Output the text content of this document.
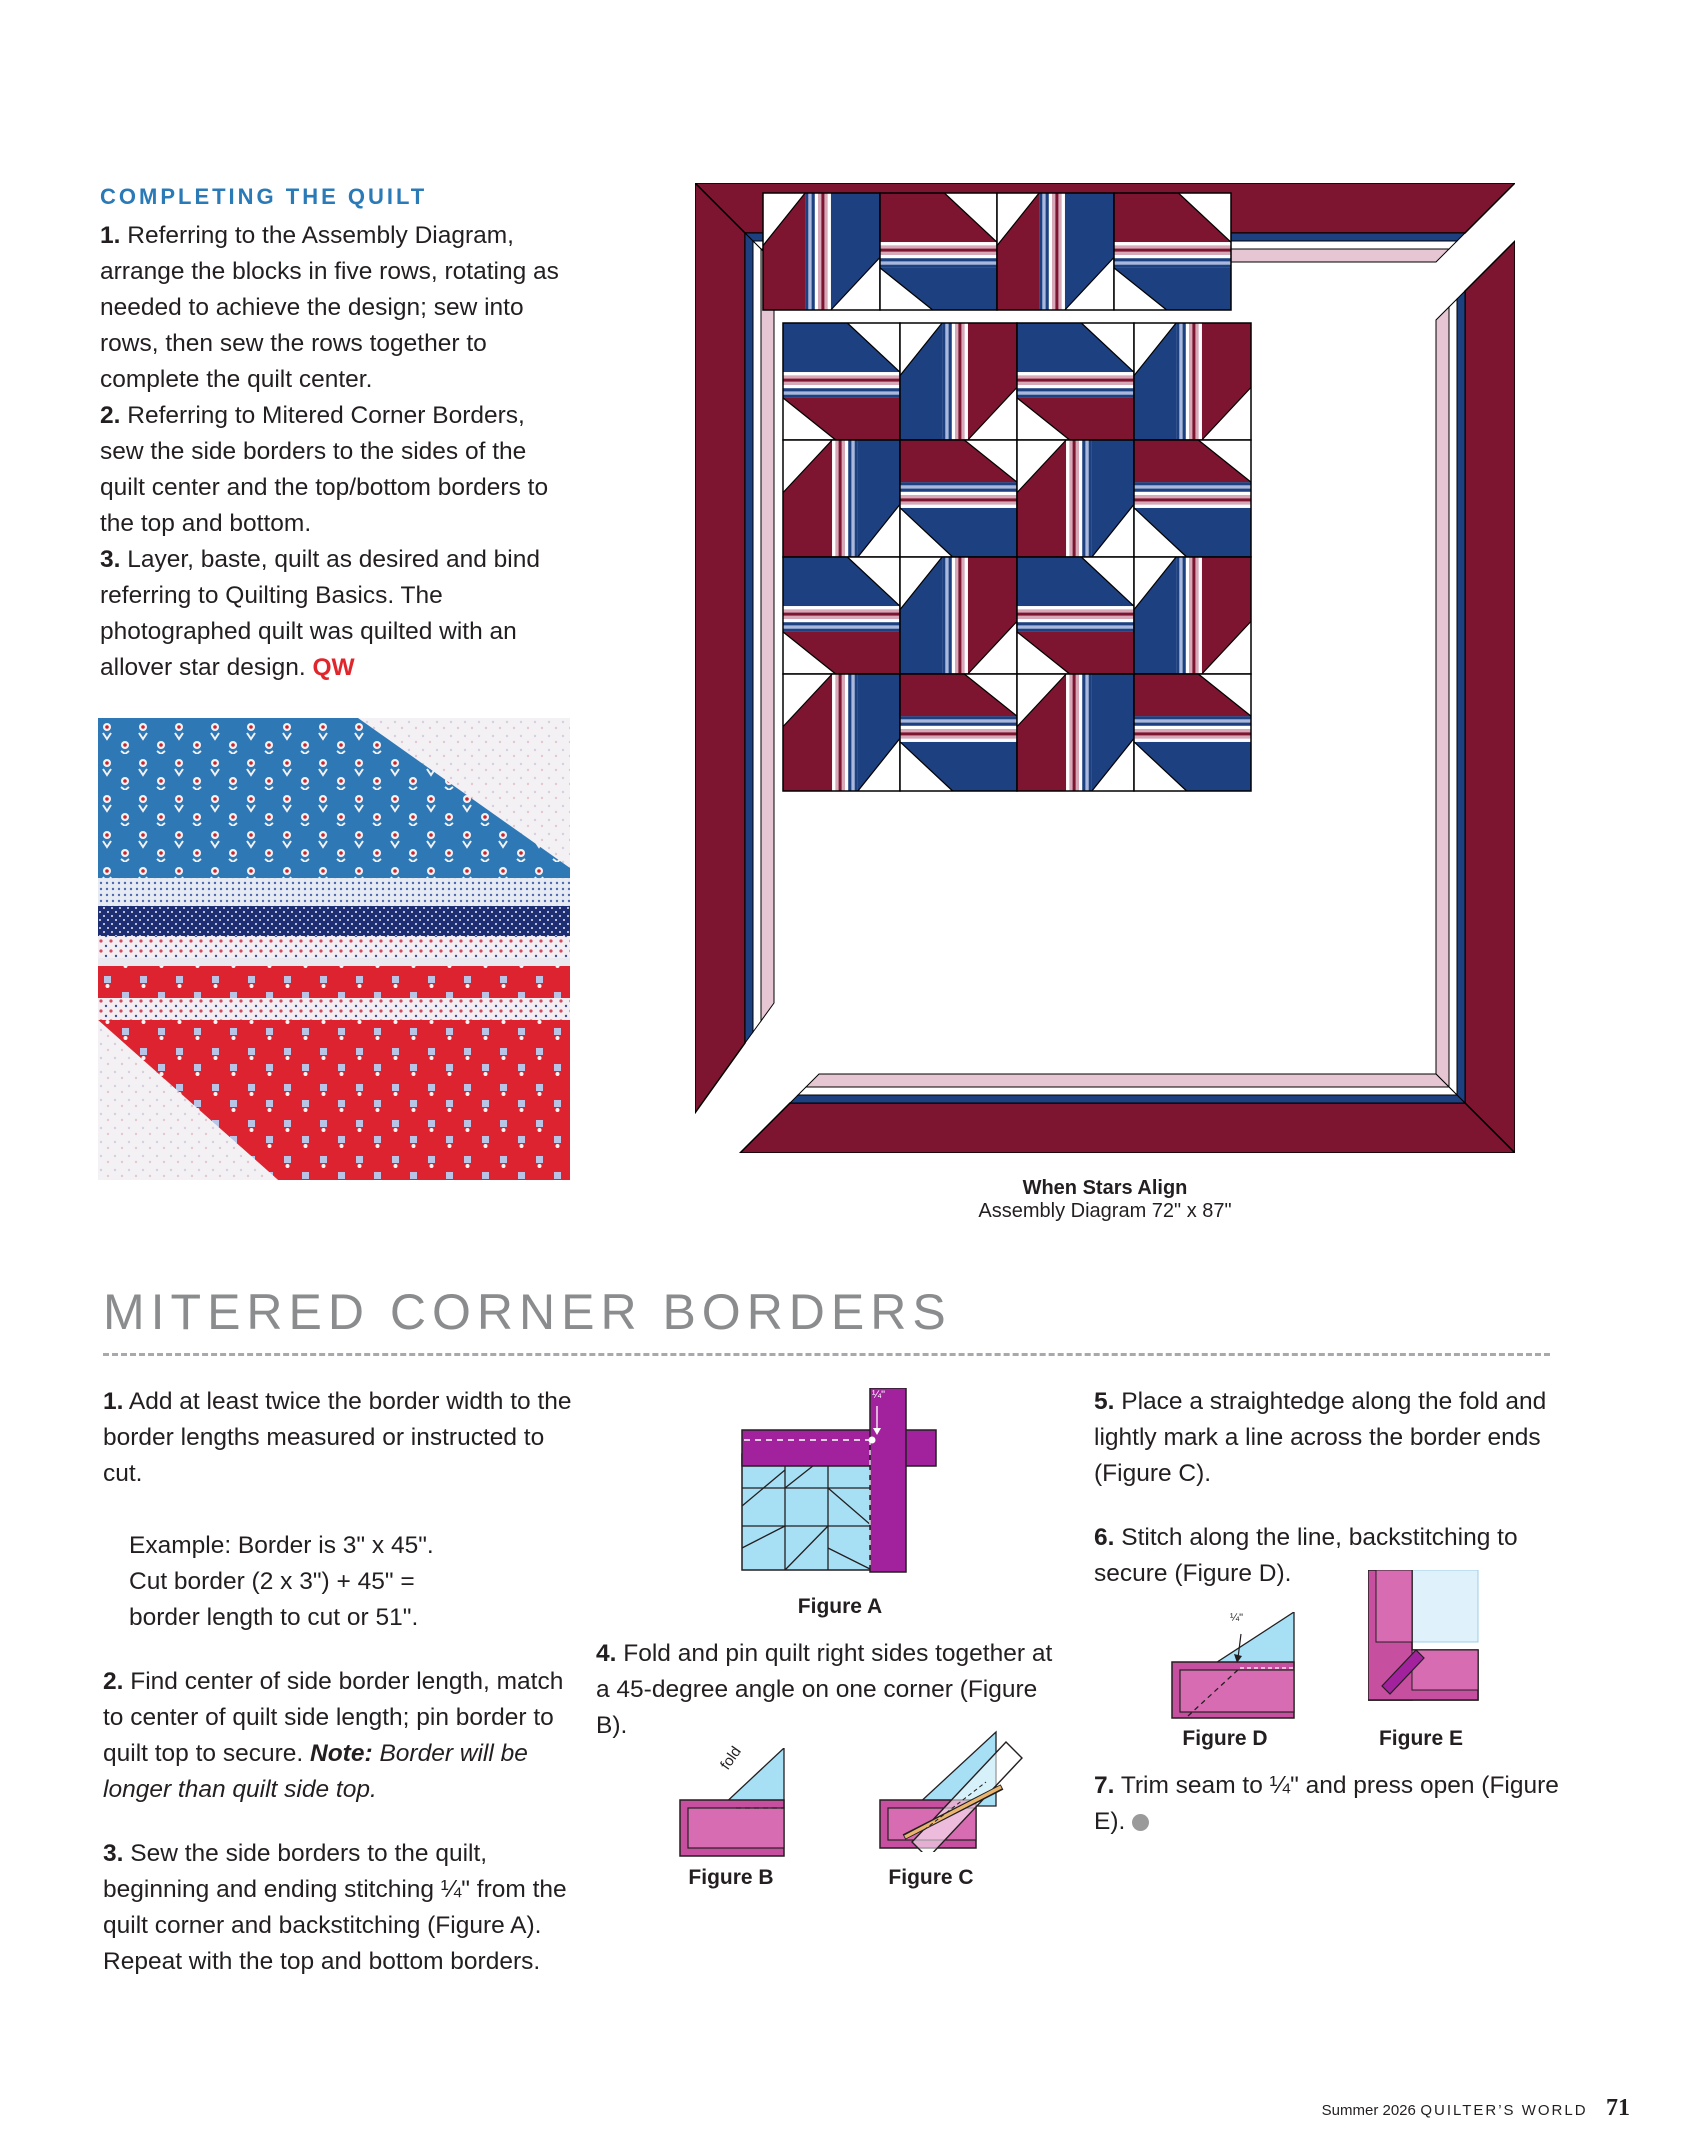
COMPLETING THE QUILT
1. Referring to the Assembly Diagram, arrange the blocks in five rows, rotating as needed to achieve the design; sew into rows, then sew the rows together to complete the quilt center.
2. Referring to Mitered Corner Borders, sew the side borders to the sides of the quilt center and the top/bottom borders to the top and bottom.
3. Layer, baste, quilt as desired and bind referring to Quilting Basics. The photographed quilt was quilted with an allover star design. QW
When Stars Align
Assembly Diagram 72" x 87"
MITERED CORNER BORDERS
1. Add at least twice the border width to the border lengths measured or instructed to cut.
Example: Border is 3" x 45".
Cut border (2 x 3") + 45" =
border length to cut or 51".
2. Find center of side border length, match to center of quilt side length; pin border to quilt top to secure. Note: Border will be longer than quilt side top.
3. Sew the side borders to the quilt, beginning and ending stitching ¼" from the quilt corner and backstitching (Figure A). Repeat with the top and bottom borders.
¼"
Figure A
4. Fold and pin quilt right sides together at a 45-degree angle on one corner (Figure B).
fold
Figure B	Figure C
5. Place a straightedge along the fold and lightly mark a line across the border ends (Figure C).
6. Stitch along the line, backstitching to secure (Figure D).
¼"
Figure D	Figure E
7. Trim seam to ¼" and press open (Figure E).
Summer 2026 QUILTER’S WORLD 71
